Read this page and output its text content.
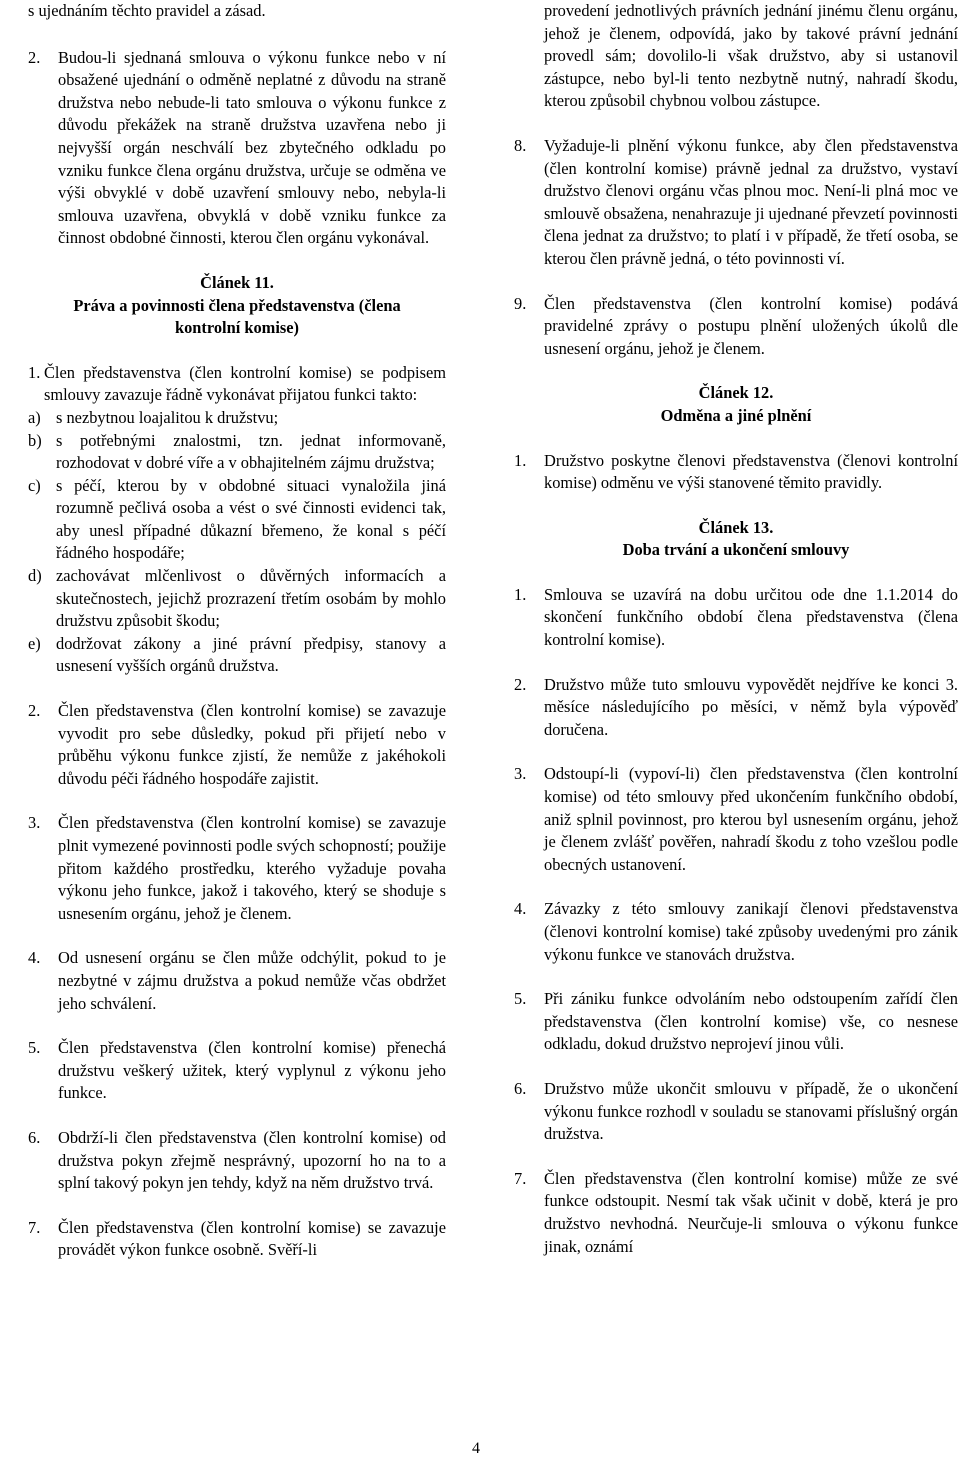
s ujednáním těchto pravidel a zásad.

2.	Budou-li sjednaná smlouva o výkonu funkce nebo v ní obsažené ujednání o odměně neplatné z důvodu na straně družstva nebo nebude-li tato smlouva o výkonu funkce z důvodu překážek na straně družstva uzavřena nebo ji nejvyšší orgán neschválí bez zbytečného odkladu po vzniku funkce člena orgánu družstva, určuje se odměna ve výši obvyklé v době uzavření smlouvy nebo, nebyla-li smlouva uzavřena, obvyklá v době vzniku funkce za činnost obdobné činnosti, kterou člen orgánu vykonával.
Článek 11.
Práva a povinnosti člena představenstva (člena kontrolní komise)
1. Člen představenstva (člen kontrolní komise) se podpisem smlouvy zavazuje řádně vykonávat přijatou funkci takto:
a) s nezbytnou loajalitou k družstvu;
b) s potřebnými znalostmi, tzn. jednat informovaně, rozhodovat v dobré víře a v obhajitelném zájmu družstva;
c) s péčí, kterou by v obdobné situaci vynaložila jiná rozumně pečlivá osoba a vést o své činnosti evidenci tak, aby unesl případné důkazní břemeno, že konal s péčí řádného hospodáře;
d) zachovávat mlčenlivost o důvěrných informacích a skutečnostech, jejichž prozrazení třetím osobám by mohlo družstvu způsobit škodu;
e) dodržovat zákony a jiné právní předpisy, stanovy a usnesení vyšších orgánů družstva.
2.	Člen představenstva (člen kontrolní komise) se zavazuje vyvodit pro sebe důsledky, pokud při přijetí nebo v průběhu výkonu funkce zjistí, že nemůže z jakéhokoli důvodu péči řádného hospodáře zajistit.
3.	Člen představenstva (člen kontrolní komise) se zavazuje plnit vymezené povinnosti podle svých schopností; použije přitom každého prostředku, kterého vyžaduje povaha výkonu jeho funkce, jakož i takového, který se shoduje s usnesením orgánu, jehož je členem.
4.	Od usnesení orgánu se člen může odchýlit, pokud to je nezbytné v zájmu družstva a pokud nemůže včas obdržet jeho schválení.
5.	Člen představenstva (člen kontrolní komise) přenechá družstvu veškerý užitek, který vyplynul z výkonu jeho funkce.
6.	Obdrží-li člen představenstva (člen kontrolní komise) od družstva pokyn zřejmě nesprávný, upozorní ho na to a splní takový pokyn jen tehdy, když na něm družstvo trvá.
7.	Člen představenstva (člen kontrolní komise) se zavazuje provádět výkon funkce osobně. Svěří-li

provedení jednotlivých právních jednání jinému členu orgánu, jehož je členem, odpovídá, jako by takové právní jednání provedl sám; dovolilo-li však družstvo, aby si ustanovil zástupce, nebo byl-li tento nezbytně nutný, nahradí škodu, kterou způsobil chybnou volbou zástupce.

8.	Vyžaduje-li plnění výkonu funkce, aby člen představenstva (člen kontrolní komise) právně jednal za družstvo, vystaví družstvo členovi orgánu včas plnou moc. Není-li plná moc ve smlouvě obsažena, nenahrazuje ji ujednané převzetí povinnosti člena jednat za družstvo; to platí i v případě, že třetí osoba, se kterou člen právně jedná, o této povinnosti ví.
9.	Člen představenstva (člen kontrolní komise) podává pravidelné zprávy o postupu plnění uložených úkolů dle usnesení orgánu, jehož je členem.
Článek 12.
Odměna a jiné plnění
1.	Družstvo poskytne členovi představenstva (členovi kontrolní komise) odměnu ve výši stanovené těmito pravidly.
Článek 13.
Doba trvání a ukončení smlouvy
1.	Smlouva se uzavírá na dobu určitou ode dne 1.1.2014 do skončení funkčního období člena představenstva (člena kontrolní komise).
2.	Družstvo může tuto smlouvu vypovědět nejdříve ke konci 3. měsíce následujícího po měsíci, v němž byla výpověď doručena.
3.	Odstoupí-li (vypoví-li) člen představenstva (člen kontrolní komise) od této smlouvy před ukončením funkčního období, aniž splnil povinnost, pro kterou byl usnesením orgánu, jehož je členem zvlášť pověřen, nahradí škodu z toho vzešlou podle obecných ustanovení.
4.	Závazky z této smlouvy zanikají členovi představenstva (členovi kontrolní komise) také způsoby uvedenými pro zánik výkonu funkce ve stanovách družstva.
5.	Při zániku funkce odvoláním nebo odstoupením zařídí člen představenstva (člen kontrolní komise) vše, co nesnese odkladu, dokud družstvo neprojeví jinou vůli.
6.	Družstvo může ukončit smlouvu v případě, že o ukončení výkonu funkce rozhodl v souladu se stanovami příslušný orgán družstva.
7.	Člen představenstva (člen kontrolní komise) může ze své funkce odstoupit. Nesmí tak však učinit v době, která je pro družstvo nevhodná. Neurčuje-li smlouva o výkonu funkce jinak, oznámí
4
